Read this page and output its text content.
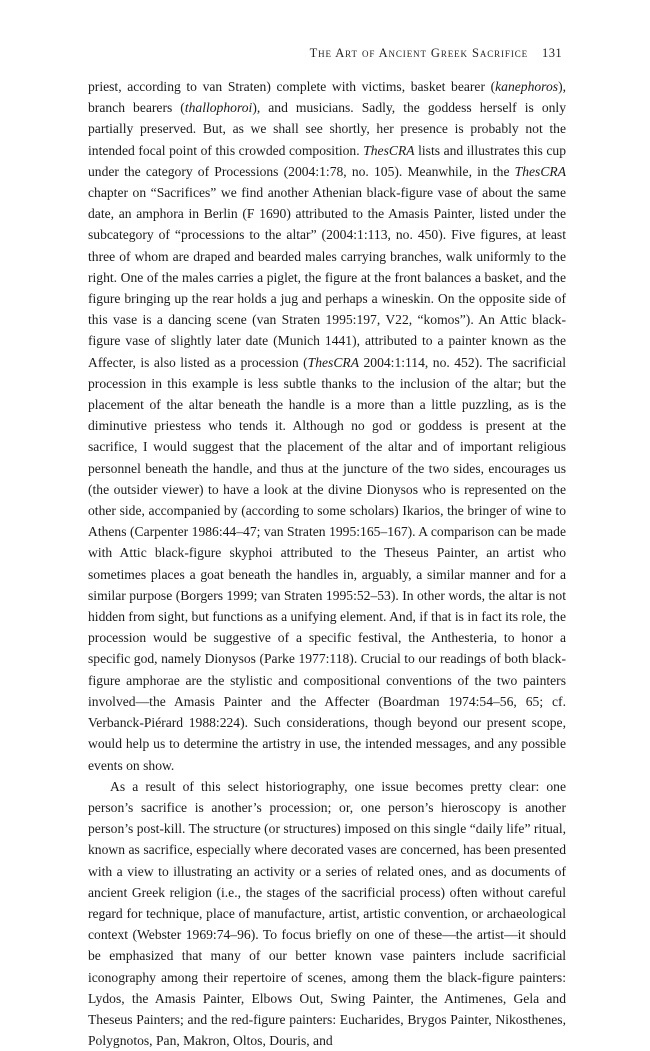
The Art of Ancient Greek Sacrifice 131

priest, according to van Straten) complete with victims, basket bearer (kanephoros), branch bearers (thallophoroi), and musicians. Sadly, the goddess herself is only partially preserved. But, as we shall see shortly, her presence is probably not the intended focal point of this crowded composition. ThesCRA lists and illustrates this cup under the category of Processions (2004:1:78, no. 105). Meanwhile, in the ThesCRA chapter on “Sacrifices” we find another Athenian black-figure vase of about the same date, an amphora in Berlin (F 1690) attributed to the Amasis Painter, listed under the subcategory of “processions to the altar” (2004:1:113, no. 450). Five figures, at least three of whom are draped and bearded males carrying branches, walk uniformly to the right. One of the males carries a piglet, the figure at the front balances a basket, and the figure bringing up the rear holds a jug and perhaps a wineskin. On the opposite side of this vase is a dancing scene (van Straten 1995:197, V22, “komos”). An Attic black-figure vase of slightly later date (Munich 1441), attributed to a painter known as the Affecter, is also listed as a procession (ThesCRA 2004:1:114, no. 452). The sacrificial procession in this example is less subtle thanks to the inclusion of the altar; but the placement of the altar beneath the handle is a more than a little puzzling, as is the diminutive priestess who tends it. Although no god or goddess is present at the sacrifice, I would suggest that the placement of the altar and of important religious personnel beneath the handle, and thus at the juncture of the two sides, encourages us (the outsider viewer) to have a look at the divine Dionysos who is represented on the other side, accompanied by (according to some scholars) Ikarios, the bringer of wine to Athens (Carpenter 1986:44–47; van Straten 1995:165–167). A comparison can be made with Attic black-figure skyphoi attributed to the Theseus Painter, an artist who sometimes places a goat beneath the handles in, arguably, a similar manner and for a similar purpose (Borgers 1999; van Straten 1995:52–53). In other words, the altar is not hidden from sight, but functions as a unifying element. And, if that is in fact its role, the procession would be suggestive of a specific festival, the Anthesteria, to honor a specific god, namely Dionysos (Parke 1977:118). Crucial to our readings of both black-figure amphorae are the stylistic and compositional conventions of the two painters involved—the Amasis Painter and the Affecter (Boardman 1974:54–56, 65; cf. Verbanck-Piérard 1988:224). Such considerations, though beyond our present scope, would help us to determine the artistry in use, the intended messages, and any possible events on show.

As a result of this select historiography, one issue becomes pretty clear: one person’s sacrifice is another’s procession; or, one person’s hieroscopy is another person’s post-kill. The structure (or structures) imposed on this single “daily life” ritual, known as sacrifice, especially where decorated vases are concerned, has been presented with a view to illustrating an activity or a series of related ones, and as documents of ancient Greek religion (i.e., the stages of the sacrificial process) often without careful regard for technique, place of manufacture, artist, artistic convention, or archaeological context (Webster 1969:74–96). To focus briefly on one of these—the artist—it should be emphasized that many of our better known vase painters include sacrificial iconography among their repertoire of scenes, among them the black-figure painters: Lydos, the Amasis Painter, Elbows Out, Swing Painter, the Antimenes, Gela and Theseus Painters; and the red-figure painters: Eucharides, Brygos Painter, Nikosthenes, Polygnotos, Pan, Makron, Oltos, Douris, and
